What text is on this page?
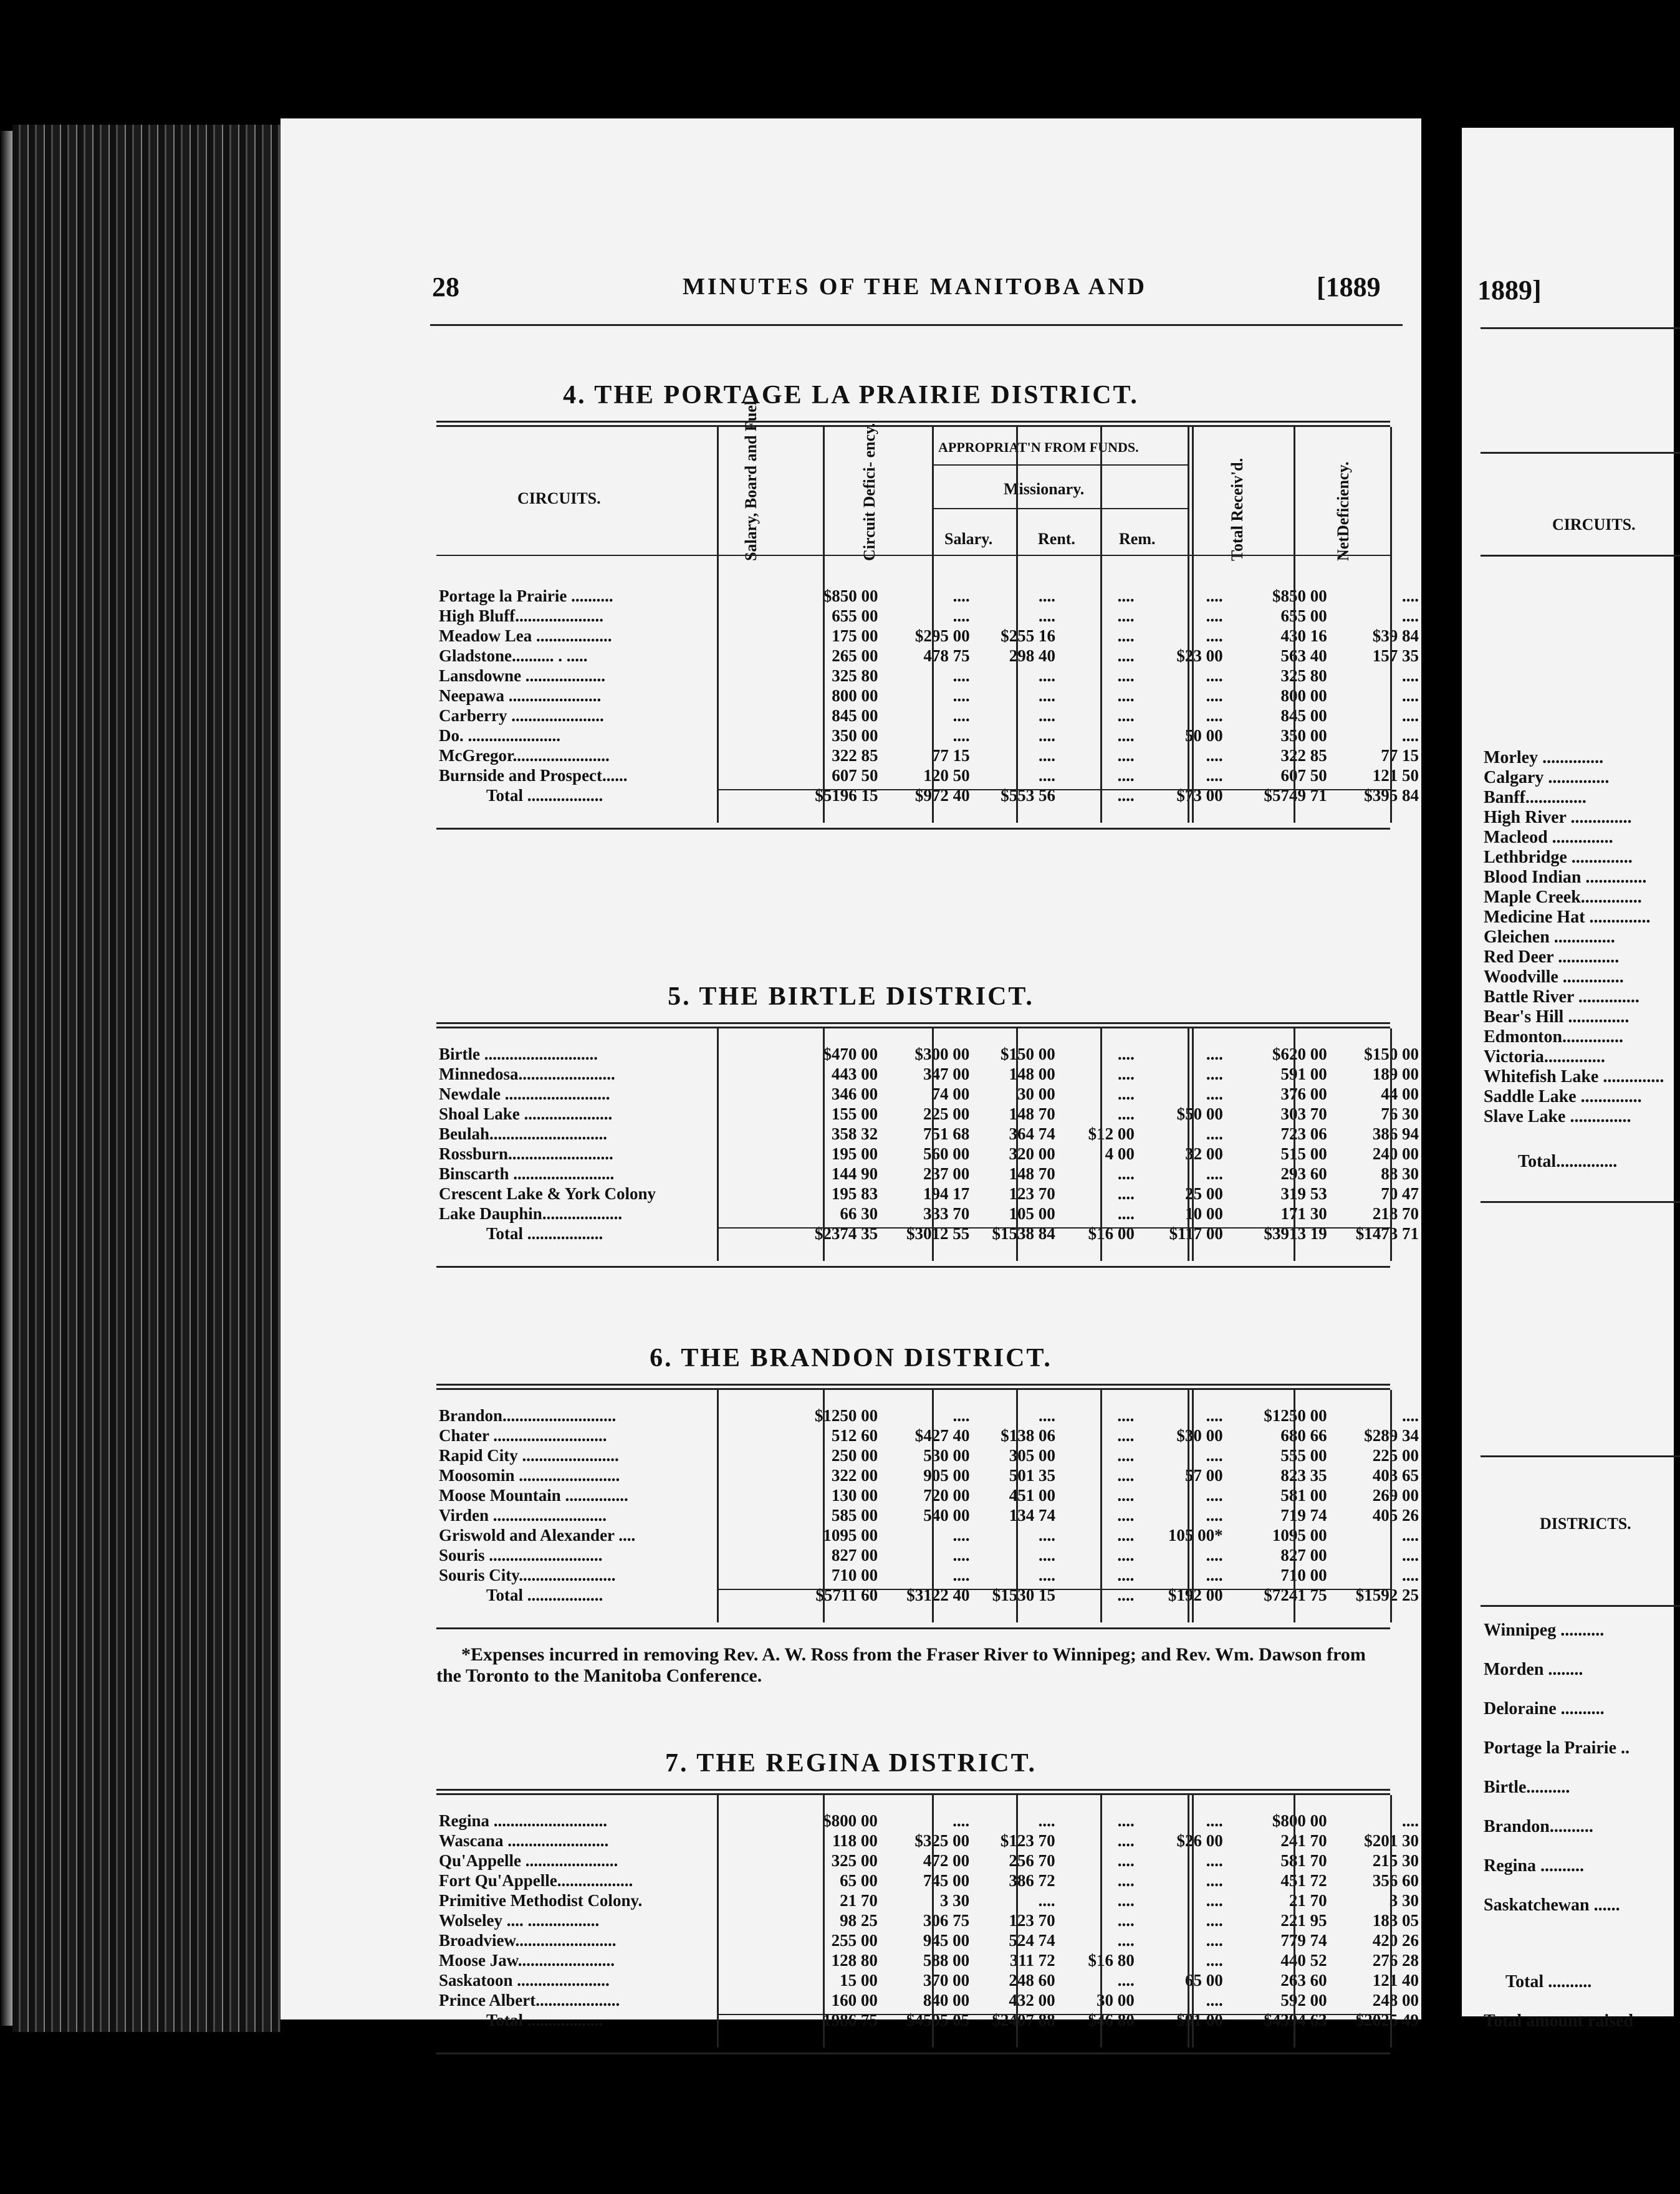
28	MINUTES OF THE MANITOBA AND	[1889
4. THE PORTAGE LA PRAIRIE DISTRICT.
CIRCUITS.
APPROPRIAT'N FROM FUNDS.
Missionary.
Salary.	Rent.	Rem.
Salary, Board and Fuel.	Circuit Defici- ency.	Total Receiv'd.	NetDeficiency.
Portage la Prairie ..........	$850 00	....	....	....	....	$850 00	....
High Bluff.....................	655 00	....	....	....	....	655 00	....
Meadow Lea ..................	175 00	$295 00	$255 16	....	....	430 16	$39 84
Gladstone.......... . .....	265 00	478 75	298 40	....	$23 00	563 40	157 35
Lansdowne ...................	325 80	....	....	....	....	325 80	....
Neepawa ......................	800 00	....	....	....	....	800 00	....
Carberry ......................	845 00	....	....	....	....	845 00	....
Do. ......................	350 00	....	....	....	50 00	350 00	....
McGregor.......................	322 85	77 15	....	....	....	322 85	77 15
Burnside and Prospect......	607 50	120 50	....	....	....	607 50	121 50
Total ..................	$5196 15	$972 40	$553 56	....	$73 00	$5749 71	$395 84
5. THE BIRTLE DISTRICT.
Birtle ...........................	$470 00	$300 00	$150 00	....	....	$620 00	$150 00
Minnedosa.......................	443 00	347 00	148 00	....	....	591 00	189 00
Newdale .........................	346 00	74 00	30 00	....	....	376 00	44 00
Shoal Lake .....................	155 00	225 00	148 70	....	$50 00	303 70	76 30
Beulah............................	358 32	751 68	364 74	$12 00	....	723 06	386 94
Rossburn.........................	195 00	560 00	320 00	4 00	32 00	515 00	240 00
Binscarth ........................	144 90	237 00	148 70	....	....	293 60	88 30
Crescent Lake & York Colony	195 83	194 17	123 70	....	25 00	319 53	70 47
Lake Dauphin...................	66 30	333 70	105 00	....	10 00	171 30	218 70
Total ..................	$2374 35	$3012 55	$1538 84	$16 00	$117 00	$3913 19	$1473 71
6. THE BRANDON DISTRICT.
Brandon...........................	$1250 00	....	....	....	....	$1250 00	....
Chater ...........................	512 60	$427 40	$138 06	....	$30 00	680 66	$289 34
Rapid City .......................	250 00	530 00	305 00	....	....	555 00	225 00
Moosomin ........................	322 00	905 00	501 35	....	57 00	823 35	403 65
Moose Mountain ...............	130 00	720 00	451 00	....	....	581 00	269 00
Virden ...........................	585 00	540 00	134 74	....	....	719 74	405 26
Griswold and Alexander ....	1095 00	....	....	....	105 00*	1095 00	....
Souris ...........................	827 00	....	....	....	....	827 00	....
Souris City.......................	710 00	....	....	....	....	710 00	....
Total ..................	$5711 60	$3122 40	$1530 15	....	$192 00	$7241 75	$1592 25
*Expenses incurred in removing Rev. A. W. Ross from the Fraser River to Winnipeg; and Rev. Wm. Dawson from the Toronto to the Manitoba Conference.
7. THE REGINA DISTRICT.
Regina ...........................	$800 00	....	....	....	....	$800 00	....
Wascana ........................	118 00	$325 00	$123 70	....	$26 00	241 70	$201 30
Qu'Appelle ......................	325 00	472 00	256 70	....	....	581 70	215 30
Fort Qu'Appelle..................	65 00	745 00	386 72	....	....	451 72	356 60
Primitive Methodist Colony.	21 70	3 30	....	....	....	21 70	3 30
Wolseley .... .................	98 25	306 75	123 70	....	....	221 95	183 05
Broadview........................	255 00	945 00	524 74	....	....	779 74	420 26
Moose Jaw.......................	128 80	588 00	311 72	$16 80	....	440 52	276 28
Saskatoon ......................	15 00	370 00	248 60	....	65 00	263 60	121 40
Prince Albert....................	160 00	840 00	432 00	30 00	....	592 00	248 00
Total ..................	1986 75	$4595 05	$2407 88	$46 80	$91 00	$4394 63	$2025 49
1889]
CIRCUITS.
Morley ..............
Calgary ..............
Banff..............
High River ..............
Macleod ..............
Lethbridge ..............
Blood Indian ..............
Maple Creek..............
Medicine Hat ..............
Gleichen ..............
Red Deer ..............
Woodville ..............
Battle River ..............
Bear's Hill ..............
Edmonton..............
Victoria..............
Whitefish Lake ..............
Saddle Lake ..............
Slave Lake ..............
Total..............
DISTRICTS.
Winnipeg ..........
Morden ........
Deloraine ..........
Portage la Prairie ..
Birtle..........
Brandon..........
Regina ..........
Saskatchewan ......
Total ..........
Total amount raised
